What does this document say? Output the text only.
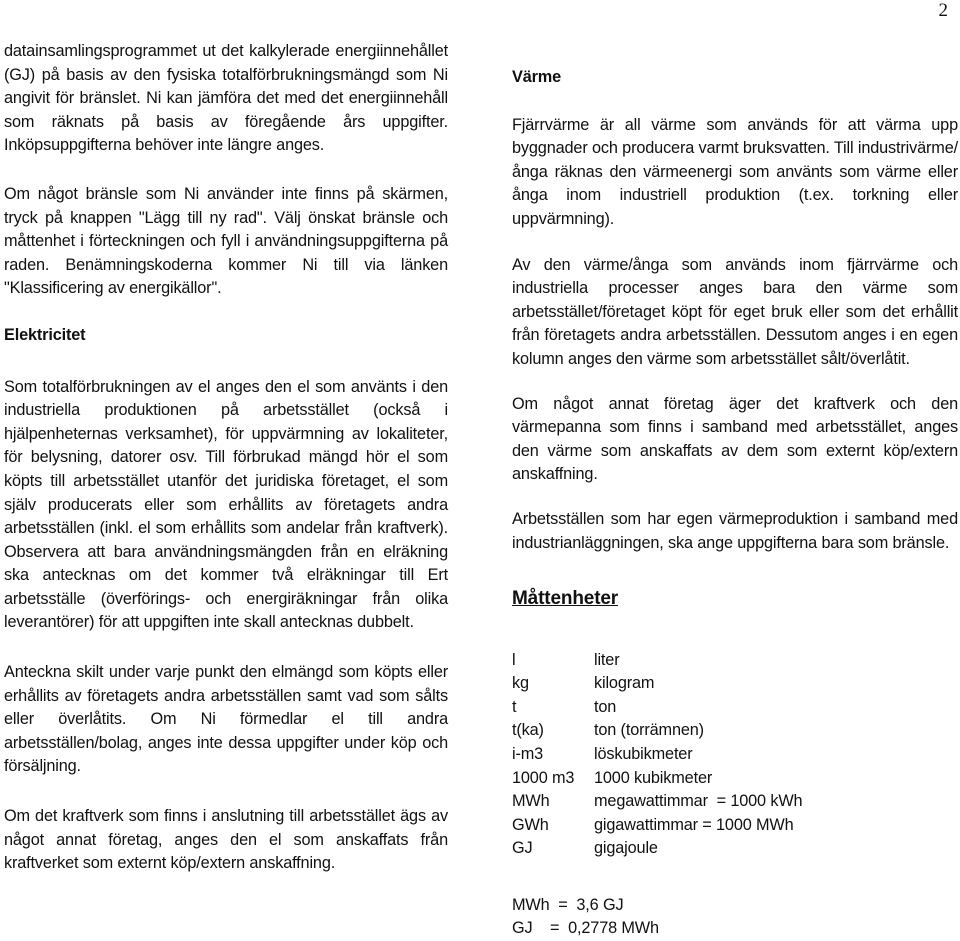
2

datainsamlingsprogrammet ut det kalkylerade energiinnehållet (GJ) på basis av den fysiska totalförbrukningsmängd som Ni angivit för bränslet. Ni kan jämföra det med det energiinnehåll som räknats på basis av föregående års uppgifter. Inköpsuppgifterna behöver inte längre anges.

Om något bränsle som Ni använder inte finns på skärmen, tryck på knappen "Lägg till ny rad". Välj önskat bränsle och måttenhet i förteckningen och fyll i användningsuppgifterna på raden. Benämningskoderna kommer Ni till via länken "Klassificering av energikällor".

Elektricitet

Som totalförbrukningen av el anges den el som använts i den industriella produktionen på arbetsstället (också i hjälpenheternas verksamhet), för uppvärmning av lokaliteter, för belysning, datorer osv. Till förbrukad mängd hör el som köpts till arbetsstället utanför det juridiska företaget, el som själv producerats eller som erhållits av företagets andra arbetsställen (inkl. el som erhållits som andelar från kraftverk). Observera att bara användningsmängden från en elräkning ska antecknas om det kommer två elräkningar till Ert arbetsställe (överförings- och energiräkningar från olika leverantörer) för att uppgiften inte skall antecknas dubbelt.

Anteckna skilt under varje punkt den elmängd som köpts eller erhållits av företagets andra arbetsställen samt vad som sålts eller överlåtits. Om Ni förmedlar el till andra arbetsställen/bolag, anges inte dessa uppgifter under köp och försäljning.

Om det kraftverk som finns i anslutning till arbetsstället ägs av något annat företag, anges den el som anskaffats från kraftverket som externt köp/extern anskaffning.

Värme

Fjärrvärme är all värme som används för att värma upp byggnader och producera varmt bruksvatten. Till industrivärme/ånga räknas den värmeenergi som använts som värme eller ånga inom industriell produktion (t.ex. torkning eller uppvärmning).

Av den värme/ånga som används inom fjärrvärme och industriella processer anges bara den värme som arbetsstället/företaget köpt för eget bruk eller som det erhållit från företagets andra arbetsställen. Dessutom anges i en egen kolumn anges den värme som arbetsstället sålt/överlåtit.

Om något annat företag äger det kraftverk och den värmepanna som finns i samband med arbetsstället, anges den värme som anskaffats av dem som externt köp/extern anskaffning.

Arbetsställen som har egen värmeproduktion i samband med industrianläggningen, ska ange uppgifterna bara som bränsle.

Måttenheter
l	liter
kg	kilogram
t	ton
t(ka)	ton (torrämnen)
i-m3	löskubikmeter
1000 m3	1000 kubikmeter
MWh	megawattimmar  = 1000 kWh
GWh	gigawattimmar = 1000 MWh
GJ	gigajoule
MWh  =  3,6 GJ
GJ    =  0,2778 MWh
